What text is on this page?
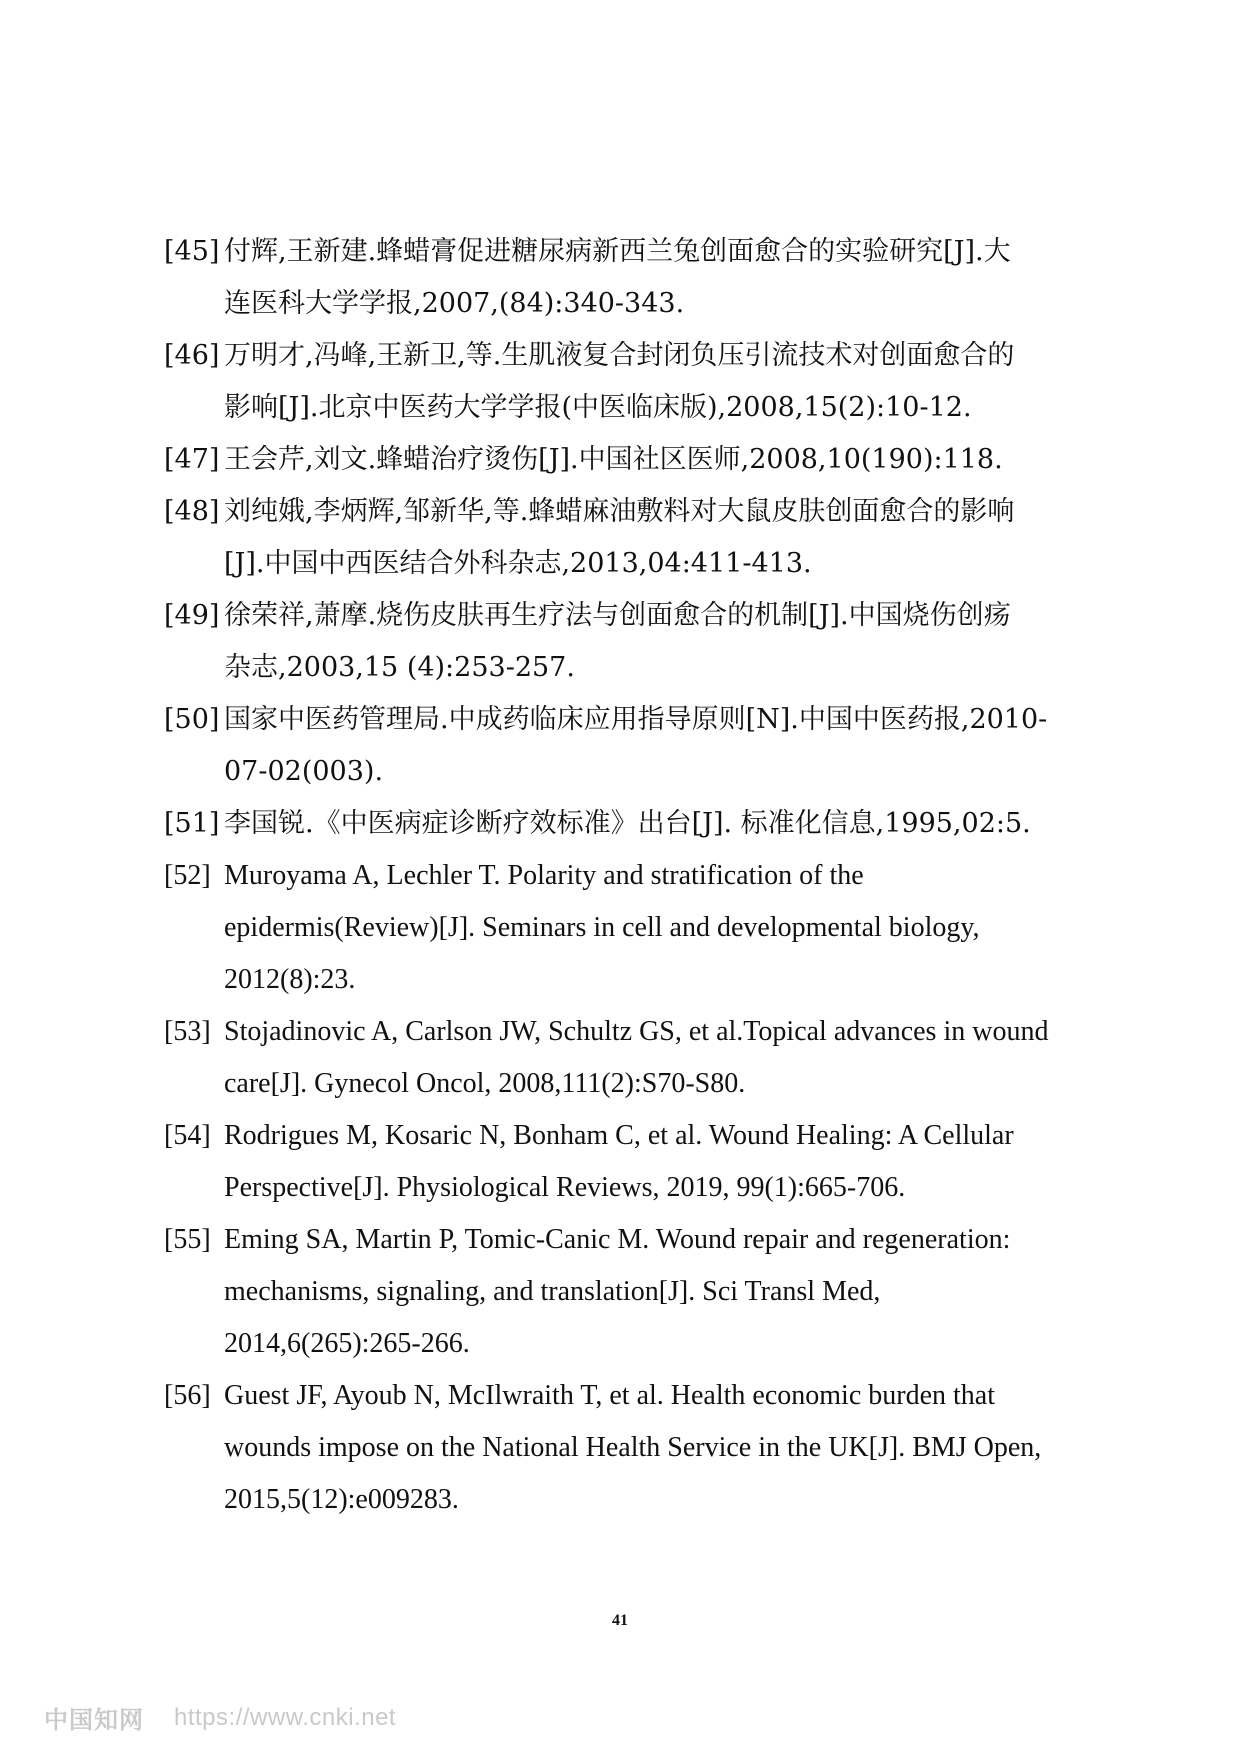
[45] 付辉,王新建.蜂蜡膏促进糖尿病新西兰兔创面愈合的实验研究[J].大
连医科大学学报,2007,(84):340-343.
[46] 万明才,冯峰,王新卫,等.生肌液复合封闭负压引流技术对创面愈合的
影响[J].北京中医药大学学报(中医临床版),2008,15(2):10-12.
[47] 王会芹,刘文.蜂蜡治疗烫伤[J].中国社区医师,2008,10(190):118.
[48] 刘纯娥,李炳辉,邹新华,等.蜂蜡麻油敷料对大鼠皮肤创面愈合的影响
[J].中国中西医结合外科杂志,2013,04:411-413.
[49] 徐荣祥,萧摩.烧伤皮肤再生疗法与创面愈合的机制[J].中国烧伤创疡
杂志,2003,15 (4):253-257.
[50] 国家中医药管理局.中成药临床应用指导原则[N].中国中医药报,2010-
07-02(003).
[51] 李国锐.《中医病症诊断疗效标准》出台[J]. 标准化信息,1995,02:5.
[52] Muroyama A, Lechler T. Polarity and stratification of the
epidermis(Review)[J]. Seminars in cell and developmental biology,
2012(8):23.
[53] Stojadinovic A, Carlson JW, Schultz GS, et al.Topical advances in wound
care[J]. Gynecol Oncol, 2008,111(2):S70-S80.
[54] Rodrigues M, Kosaric N, Bonham C, et al. Wound Healing: A Cellular
Perspective[J]. Physiological Reviews, 2019, 99(1):665-706.
[55] Eming SA, Martin P, Tomic-Canic M. Wound repair and regeneration:
mechanisms, signaling, and translation[J]. Sci Transl Med,
2014,6(265):265-266.
[56] Guest JF, Ayoub N, McIlwraith T, et al. Health economic burden that
wounds impose on the National Health Service in the UK[J]. BMJ Open,
2015,5(12):e009283.
41
中国知网 https://www.cnki.net
